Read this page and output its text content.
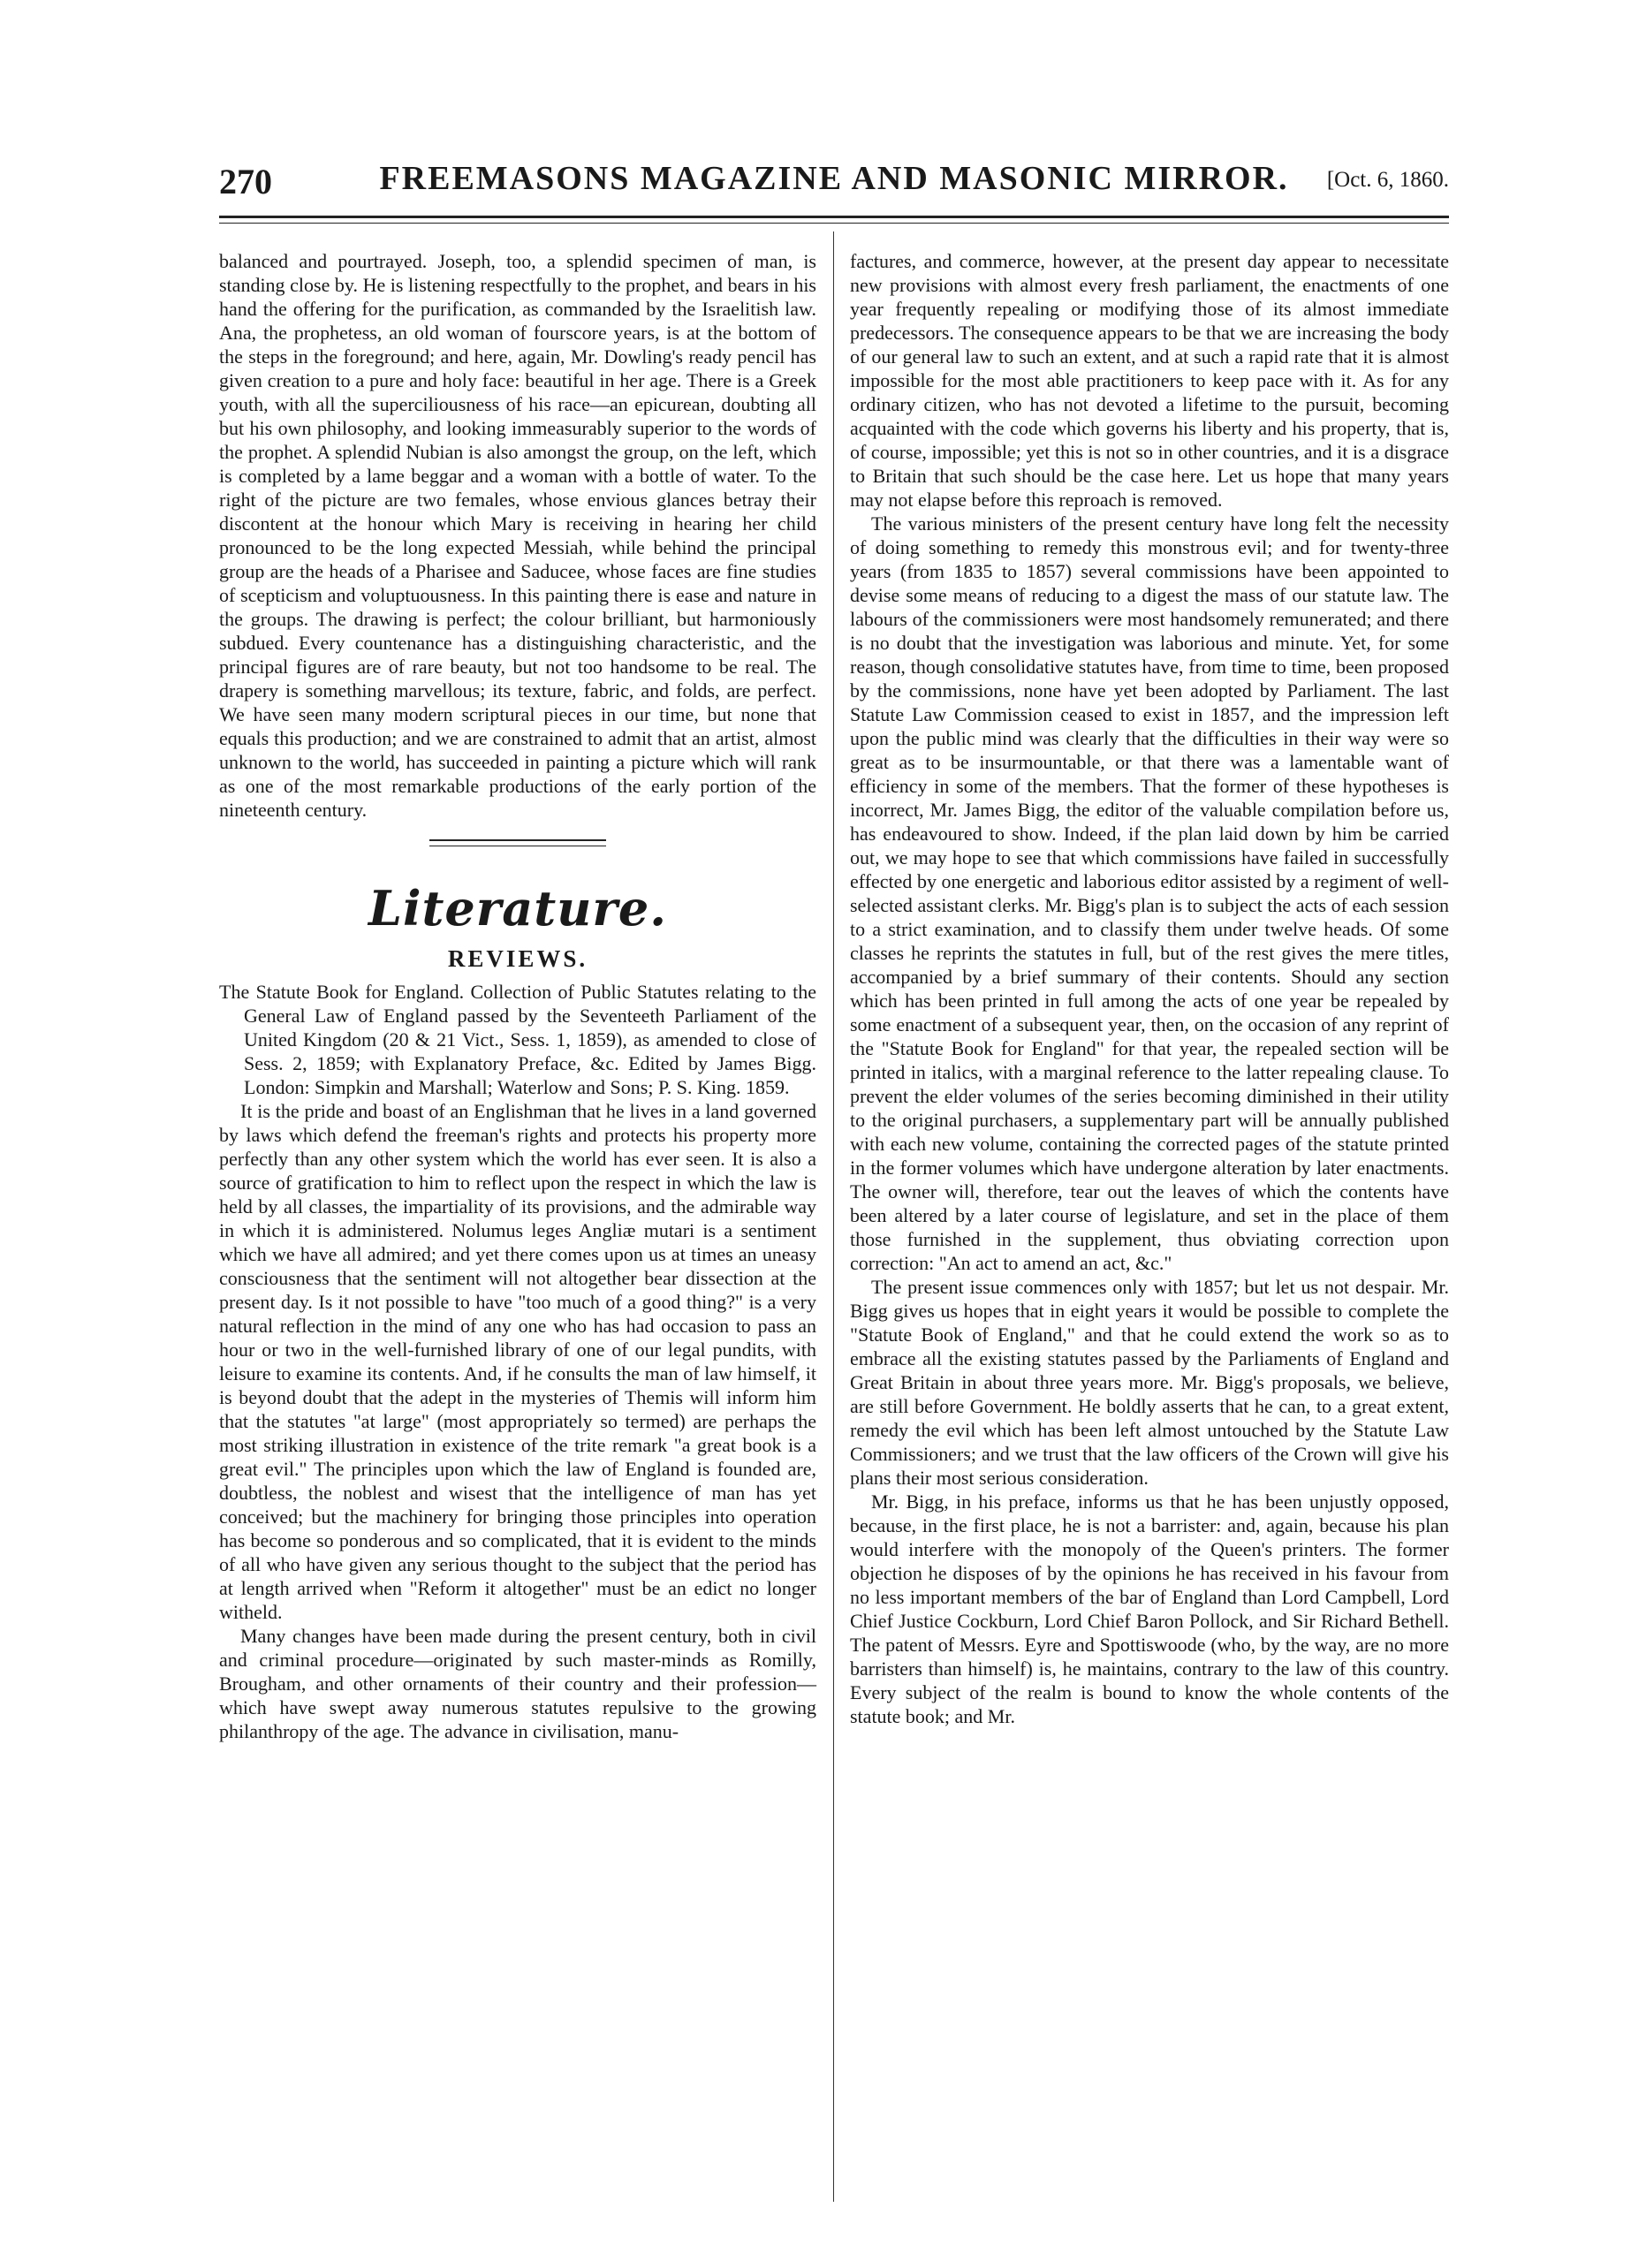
270	FREEMASONS MAGAZINE AND MASONIC MIRROR.	[Oct. 6, 1860.

balanced and pourtrayed. Joseph, too, a splendid specimen of man, is standing close by. He is listening respectfully to the prophet, and bears in his hand the offering for the purification, as commanded by the Israelitish law. Ana, the prophetess, an old woman of fourscore years, is at the bottom of the steps in the foreground; and here, again, Mr. Dowling's ready pencil has given creation to a pure and holy face: beautiful in her age. There is a Greek youth, with all the superciliousness of his race—an epicurean, doubting all but his own philosophy, and looking immeasurably superior to the words of the prophet. A splendid Nubian is also amongst the group, on the left, which is completed by a lame beggar and a woman with a bottle of water. To the right of the picture are two females, whose envious glances betray their discontent at the honour which Mary is receiving in hearing her child pronounced to be the long expected Messiah, while behind the principal group are the heads of a Pharisee and Saducee, whose faces are fine studies of scepticism and voluptuousness. In this painting there is ease and nature in the groups. The drawing is perfect; the colour brilliant, but harmoniously subdued. Every countenance has a distinguishing characteristic, and the principal figures are of rare beauty, but not too handsome to be real. The drapery is something marvellous; its texture, fabric, and folds, are perfect. We have seen many modern scriptural pieces in our time, but none that equals this production; and we are constrained to admit that an artist, almost unknown to the world, has succeeded in painting a picture which will rank as one of the most remarkable productions of the early portion of the nineteenth century.

Literature.
REVIEWS.

The Statute Book for England. Collection of Public Statutes relating to the General Law of England passed by the Seventeeth Parliament of the United Kingdom (20 & 21 Vict., Sess. 1, 1859), as amended to close of Sess. 2, 1859; with Explanatory Preface, &c. Edited by James Bigg. London: Simpkin and Marshall; Waterlow and Sons; P. S. King. 1859.

It is the pride and boast of an Englishman that he lives in a land governed by laws which defend the freeman's rights and protects his property more perfectly than any other system which the world has ever seen. It is also a source of gratification to him to reflect upon the respect in which the law is held by all classes, the impartiality of its provisions, and the admirable way in which it is administered. Nolumus leges Angliæ mutari is a sentiment which we have all admired; and yet there comes upon us at times an uneasy consciousness that the sentiment will not altogether bear dissection at the present day. Is it not possible to have "too much of a good thing?" is a very natural reflection in the mind of any one who has had occasion to pass an hour or two in the well-furnished library of one of our legal pundits, with leisure to examine its contents. And, if he consults the man of law himself, it is beyond doubt that the adept in the mysteries of Themis will inform him that the statutes "at large" (most appropriately so termed) are perhaps the most striking illustration in existence of the trite remark "a great book is a great evil." The principles upon which the law of England is founded are, doubtless, the noblest and wisest that the intelligence of man has yet conceived; but the machinery for bringing those principles into operation has become so ponderous and so complicated, that it is evident to the minds of all who have given any serious thought to the subject that the period has at length arrived when "Reform it altogether" must be an edict no longer witheld.

Many changes have been made during the present century, both in civil and criminal procedure—originated by such master-minds as Romilly, Brougham, and other ornaments of their country and their profession—which have swept away numerous statutes repulsive to the growing philanthropy of the age. The advance in civilisation, manu-

factures, and commerce, however, at the present day appear to necessitate new provisions with almost every fresh parliament, the enactments of one year frequently repealing or modifying those of its almost immediate predecessors. The consequence appears to be that we are increasing the body of our general law to such an extent, and at such a rapid rate that it is almost impossible for the most able practitioners to keep pace with it. As for any ordinary citizen, who has not devoted a lifetime to the pursuit, becoming acquainted with the code which governs his liberty and his property, that is, of course, impossible; yet this is not so in other countries, and it is a disgrace to Britain that such should be the case here. Let us hope that many years may not elapse before this reproach is removed.

The various ministers of the present century have long felt the necessity of doing something to remedy this monstrous evil; and for twenty-three years (from 1835 to 1857) several commissions have been appointed to devise some means of reducing to a digest the mass of our statute law. The labours of the commissioners were most handsomely remunerated; and there is no doubt that the investigation was laborious and minute. Yet, for some reason, though consolidative statutes have, from time to time, been proposed by the commissions, none have yet been adopted by Parliament. The last Statute Law Commission ceased to exist in 1857, and the impression left upon the public mind was clearly that the difficulties in their way were so great as to be insurmountable, or that there was a lamentable want of efficiency in some of the members. That the former of these hypotheses is incorrect, Mr. James Bigg, the editor of the valuable compilation before us, has endeavoured to show. Indeed, if the plan laid down by him be carried out, we may hope to see that which commissions have failed in successfully effected by one energetic and laborious editor assisted by a regiment of well-selected assistant clerks. Mr. Bigg's plan is to subject the acts of each session to a strict examination, and to classify them under twelve heads. Of some classes he reprints the statutes in full, but of the rest gives the mere titles, accompanied by a brief summary of their contents. Should any section which has been printed in full among the acts of one year be repealed by some enactment of a subsequent year, then, on the occasion of any reprint of the "Statute Book for England" for that year, the repealed section will be printed in italics, with a marginal reference to the latter repealing clause. To prevent the elder volumes of the series becoming diminished in their utility to the original purchasers, a supplementary part will be annually published with each new volume, containing the corrected pages of the statute printed in the former volumes which have undergone alteration by later enactments. The owner will, therefore, tear out the leaves of which the contents have been altered by a later course of legislature, and set in the place of them those furnished in the supplement, thus obviating correction upon correction: "An act to amend an act, &c."

The present issue commences only with 1857; but let us not despair. Mr. Bigg gives us hopes that in eight years it would be possible to complete the "Statute Book of England," and that he could extend the work so as to embrace all the existing statutes passed by the Parliaments of England and Great Britain in about three years more. Mr. Bigg's proposals, we believe, are still before Government. He boldly asserts that he can, to a great extent, remedy the evil which has been left almost untouched by the Statute Law Commissioners; and we trust that the law officers of the Crown will give his plans their most serious consideration.

Mr. Bigg, in his preface, informs us that he has been unjustly opposed, because, in the first place, he is not a barrister: and, again, because his plan would interfere with the monopoly of the Queen's printers. The former objection he disposes of by the opinions he has received in his favour from no less important members of the bar of England than Lord Campbell, Lord Chief Justice Cockburn, Lord Chief Baron Pollock, and Sir Richard Bethell. The patent of Messrs. Eyre and Spottiswoode (who, by the way, are no more barristers than himself) is, he maintains, contrary to the law of this country. Every subject of the realm is bound to know the whole contents of the statute book; and Mr.
